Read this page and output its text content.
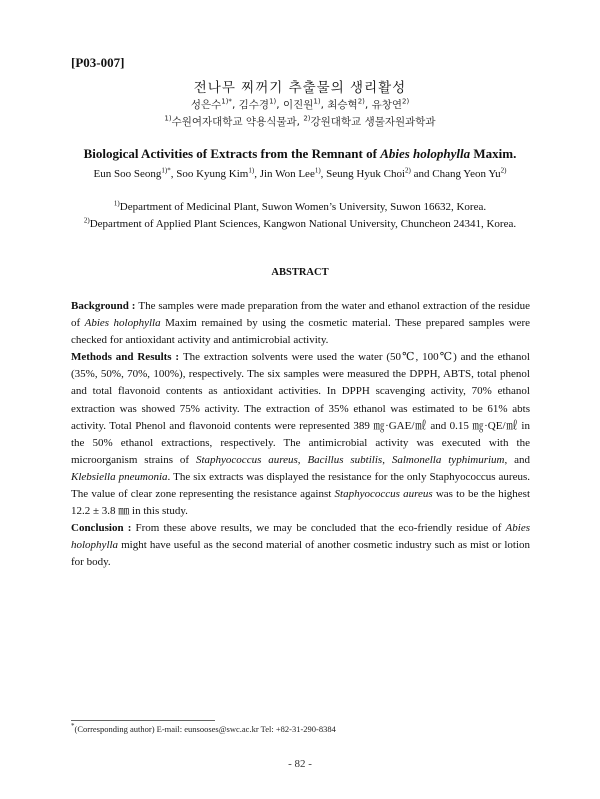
[P03-007]
전나무 찌꺼기 추출물의 생리활성
성은수$^{1)*}$, 김수경$^{1)}$, 이진원$^{1)}$, 최승혁$^{2)}$, 유창연$^{2)}$
$^{1)}$수원여자대학교 약용식물과, $^{2)}$강원대학교 생물자원과학과
Biological Activities of Extracts from the Remnant of Abies holophylla Maxim.
Eun Soo Seong$^{1)*}$, Soo Kyung Kim$^{1)}$, Jin Won Lee$^{1)}$, Seung Hyuk Choi$^{2)}$ and Chang Yeon Yu$^{2)}$
$^{1)}$Department of Medicinal Plant, Suwon Women’s University, Suwon 16632, Korea.
$^{2)}$Department of Applied Plant Sciences, Kangwon National University, Chuncheon 24341, Korea.
ABSTRACT

Background : The samples were made preparation from the water and ethanol extraction of the residue of Abies holophylla Maxim remained by using the cosmetic material. These prepared samples were checked for antioxidant activity and antimicrobial activity.

Methods and Results : The extraction solvents were used the water (50℃, 100℃) and the ethanol (35%, 50%, 70%, 100%), respectively. The six samples were measured the DPPH, ABTS, total phenol and total flavonoid contents as antioxidant activities. In DPPH scavenging activity, 70% ethanol extraction was showed 75% activity. The extraction of 35% ethanol was estimated to be 61% abts activity. Total Phenol and flavonoid contents were represented 389 ㎎·GAE/㎖ and 0.15 ㎎·QE/㎖ in the 50% ethanol extractions, respectively. The antimicrobial activity was executed with the microorganism strains of Staphyococcus aureus, Bacillus subtilis, Salmonella typhimurium, and Klebsiella pneumonia. The six extracts was displayed the resistance for the only Staphyococcus aureus. The value of clear zone representing the resistance against Staphyococcus aureus was to be the highest 12.2 ± 3.8 ㎜ in this study.

Conclusion : From these above results, we may be concluded that the eco-friendly residue of Abies holophylla might have useful as the second material of another cosmetic industry such as mist or lotion for body.

*(Corresponding author) E-mail: eunsooses@swc.ac.kr Tel: +82-31-290-8384
- 82 -
